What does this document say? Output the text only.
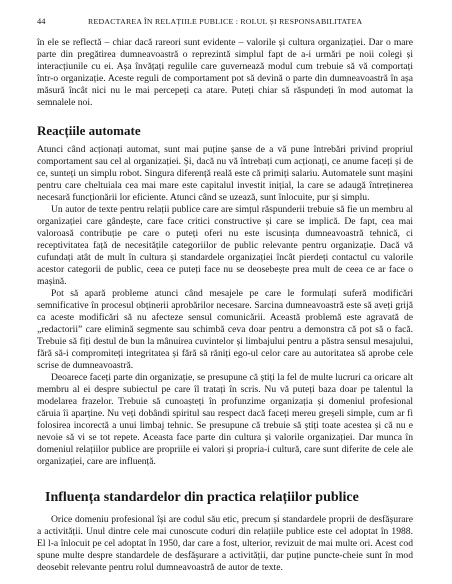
44	REDACTAREA ÎN RELAȚIILE PUBLICE : ROLUL ȘI RESPONSABILITATEA

în ele se reflectă – chiar dacă rareori sunt evidente – valorile și cultura organizației. Dar o mare parte din pregătirea dumneavoastră o reprezintă simplul fapt de a-i urmări pe noii colegi și interacțiunile cu ei. Așa învățați regulile care guvernează modul cum trebuie să vă comportați într-o organizație. Aceste reguli de comportament pot să devină o parte din dumneavoastră în așa măsură încât nici nu le mai percepeți ca atare. Puteți chiar să răspundeți în mod automat la semnalele noi.

Reacțiile automate

Atunci când acționați automat, sunt mai puține șanse de a vă pune întrebări privind propriul comportament sau cel al organizației. Și, dacă nu vă întrebați cum acționați, ce anume faceți și de ce, sunteți un simplu robot. Singura diferență reală este că primiți salariu. Automatele sunt mașini pentru care cheltuiala cea mai mare este capitalul investit inițial, la care se adaugă întreținerea necesară funcționării lor eficiente. Atunci când se uzează, sunt înlocuite, pur și simplu.

Un autor de texte pentru relații publice care are simțul răspunderii trebuie să fie un membru al organizației care gândește, care face critici constructive și care se implică. De fapt, cea mai valoroasă contribuție pe care o puteți oferi nu este iscusința dumneavoastră tehnică, ci receptivitatea față de necesitățile categoriilor de public relevante pentru organizație. Dacă vă cufundați atât de mult în cultura și standardele organizației încât pierdeți contactul cu valorile acestor categorii de public, ceea ce puteți face nu se deosebește prea mult de ceea ce ar face o mașină.

Pot să apară probleme atunci când mesajele pe care le formulați suferă modificări semnificative în procesul obținerii aprobărilor necesare. Sarcina dumneavoastră este să aveți grijă ca aceste modificări să nu afecteze sensul comunicării. Această problemă este agravată de „redactorii” care elimină segmente sau schimbă ceva doar pentru a demonstra că pot să o facă. Trebuie să fiți destul de bun la mânuirea cuvintelor și limbajului pentru a păstra sensul mesajului, fără să-i compromiteți integritatea și fără să răniți ego-ul celor care au autoritatea să aprobe cele scrise de dumneavoastră.

Deoarece faceți parte din organizație, se presupune că știți la fel de multe lucruri ca oricare alt membru al ei despre subiectul pe care îl tratați în scris. Nu vă puteți baza doar pe talentul la modelarea frazelor. Trebuie să cunoașteți în profunzime organizația și domeniul profesional căruia îi aparține. Nu veți dobândi spiritul sau respect dacă faceți mereu greșeli simple, cum ar fi folosirea incorectă a unui limbaj tehnic. Se presupune că trebuie să știți toate acestea și că nu e nevoie să vi se tot repete. Aceasta face parte din cultura și valorile organizației. Dar munca în domeniul relațiilor publice are propriile ei valori și propria-i cultură, care sunt diferite de cele ale organizației, care are influență.

Influența standardelor din practica relațiilor publice

Orice domeniu profesional își are codul său etic, precum și standardele proprii de desfășurare a activității. Unul dintre cele mai cunoscute coduri din relațiile publice este cel adoptat în 1988. El l-a înlocuit pe cel adoptat în 1950, dar care a fost, ulterior, revizuit de mai multe ori. Acest cod spune multe despre standardele de desfășurare a activității, dar puține puncte-cheie sunt în mod deosebit relevante pentru rolul dumneavoastră de autor de texte.
